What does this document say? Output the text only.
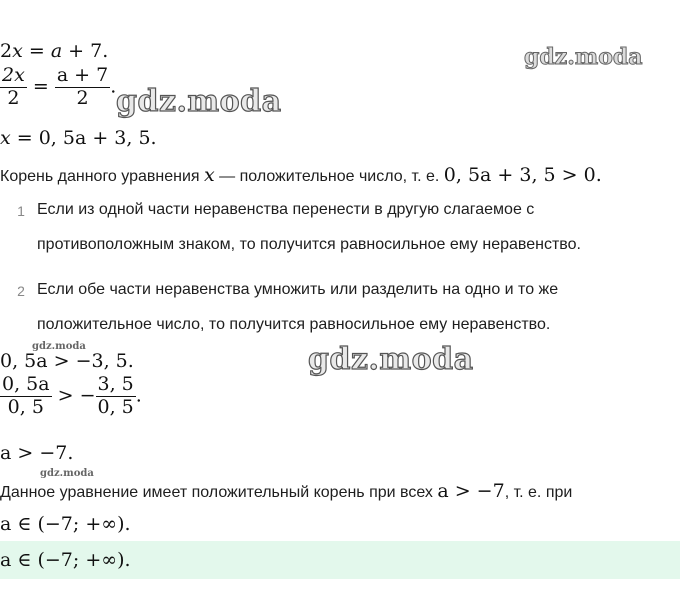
2x = a + 7.
$\frac{2x}{2} = \frac{a + 7}{2}$ .
x = 0, 5a + 3, 5.
Корень данного уравнения x — положительное число, т. е. 0, 5a + 3, 5 > 0.
1 Если из одной части неравенства перенести в другую слагаемое с
противоположным знаком, то получится равносильное ему неравенство.
2 Если обе части неравенства умножить или разделить на одно и то же
положительное число, то получится равносильное ему неравенство.
0, 5a > −3, 5.
$\frac{0, 5a}{0, 5}$ > − $\frac{3, 5}{0, 5}$ .
a > −7.
Данное уравнение имеет положительный корень при всех a > −7, т. е. при
a ∈ (−7; +∞).
a ∈ (−7; +∞).
gdz.moda
gdz.moda
gdz.moda
gdz.moda
gdz.moda
